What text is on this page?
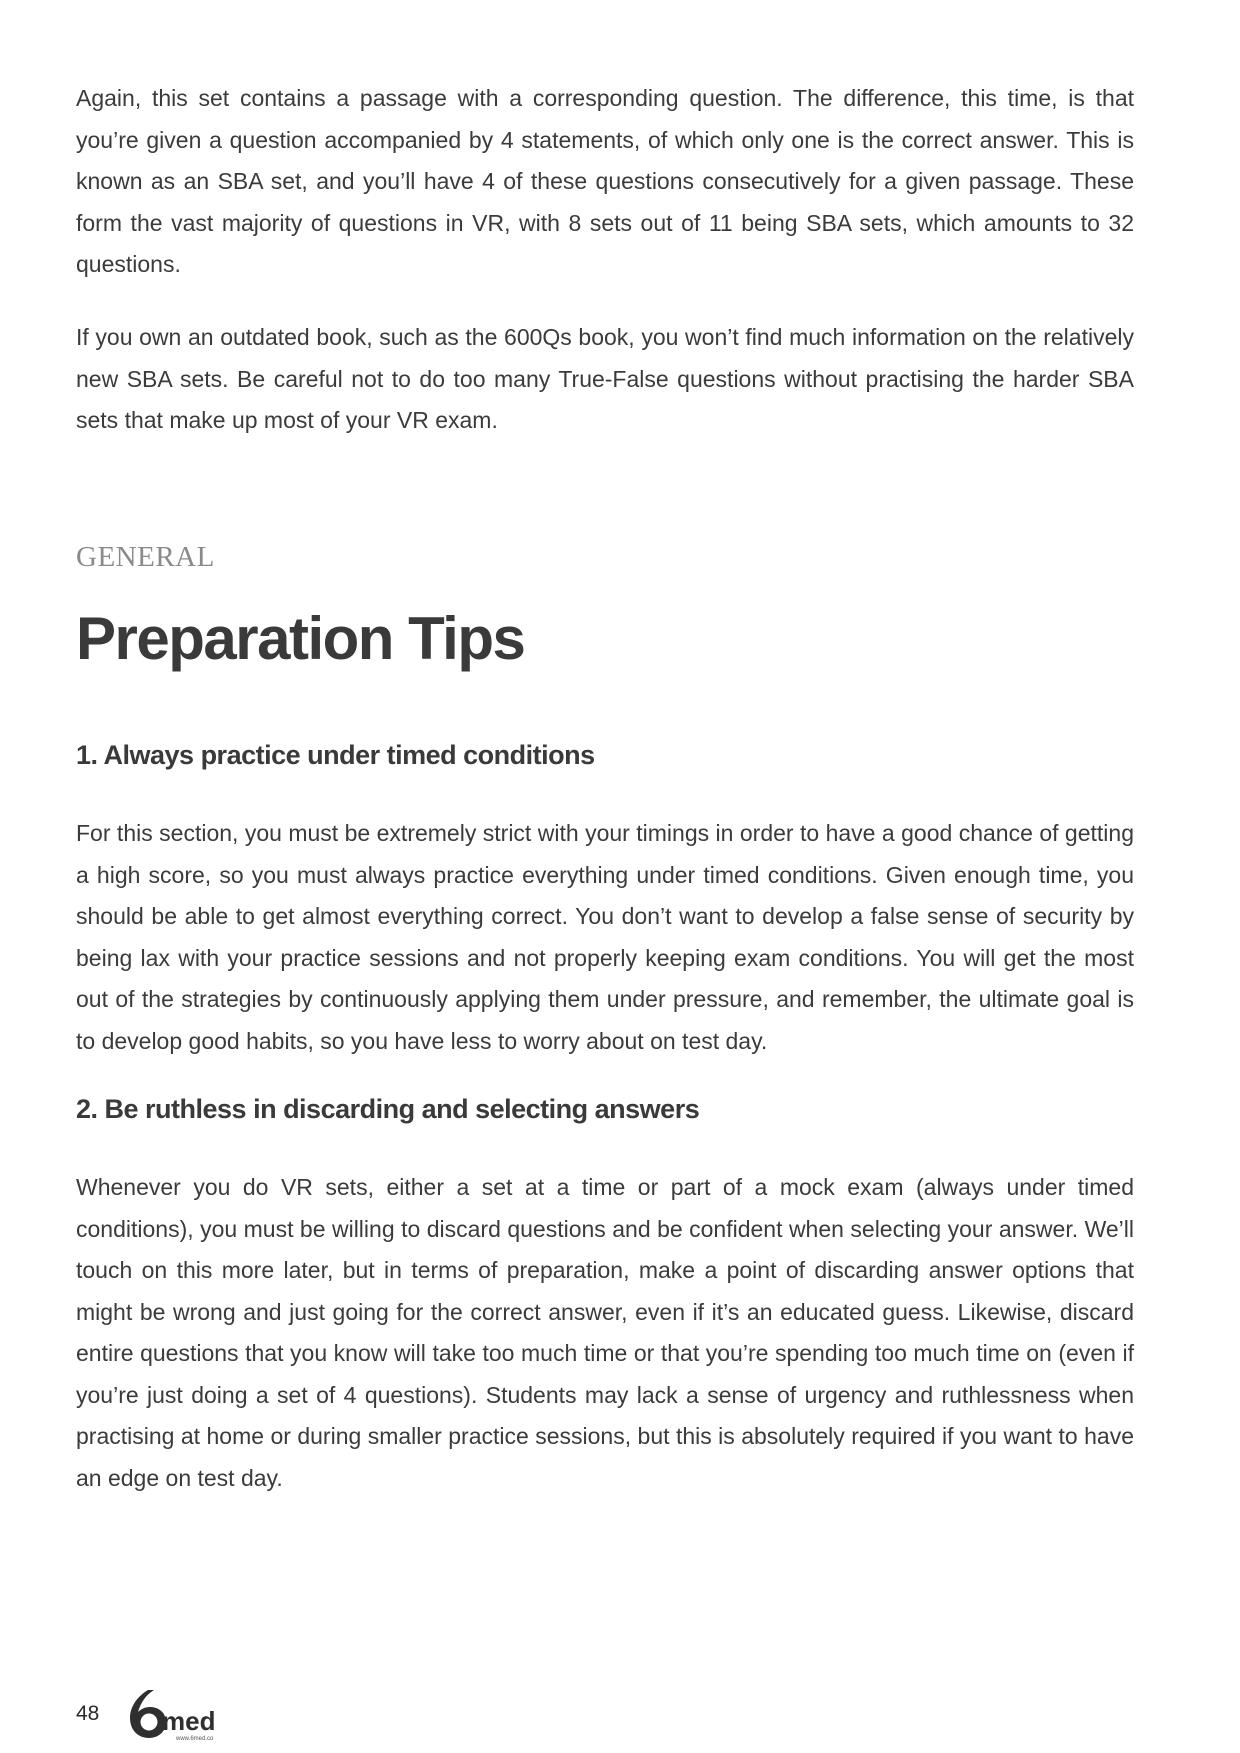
Again, this set contains a passage with a corresponding question. The difference, this time, is that you’re given a question accompanied by 4 statements, of which only one is the correct answer. This is known as an SBA set, and you’ll have 4 of these questions consecutively for a given passage. These form the vast majority of questions in VR, with 8 sets out of 11 being SBA sets, which amounts to 32 questions.

If you own an outdated book, such as the 600Qs book, you won’t find much information on the relatively new SBA sets. Be careful not to do too many True-False questions without practising the harder SBA sets that make up most of your VR exam.

GENERAL
Preparation Tips
1. Always practice under timed conditions

For this section, you must be extremely strict with your timings in order to have a good chance of getting a high score, so you must always practice everything under timed conditions. Given enough time, you should be able to get almost everything correct. You don’t want to develop a false sense of security by being lax with your practice sessions and not properly keeping exam conditions. You will get the most out of the strategies by continuously applying them under pressure, and remember, the ultimate goal is to develop good habits, so you have less to worry about on test day.

2. Be ruthless in discarding and selecting answers

Whenever you do VR sets, either a set at a time or part of a mock exam (always under timed conditions), you must be willing to discard questions and be confident when selecting your answer. We’ll touch on this more later, but in terms of preparation, make a point of discarding answer options that might be wrong and just going for the correct answer, even if it’s an educated guess. Likewise, discard entire questions that you know will take too much time or that you’re spending too much time on (even if you’re just doing a set of 4 questions). Students may lack a sense of urgency and ruthlessness when practising at home or during smaller practice sessions, but this is absolutely required if you want to have an edge on test day.

48 med
www.6med.co
